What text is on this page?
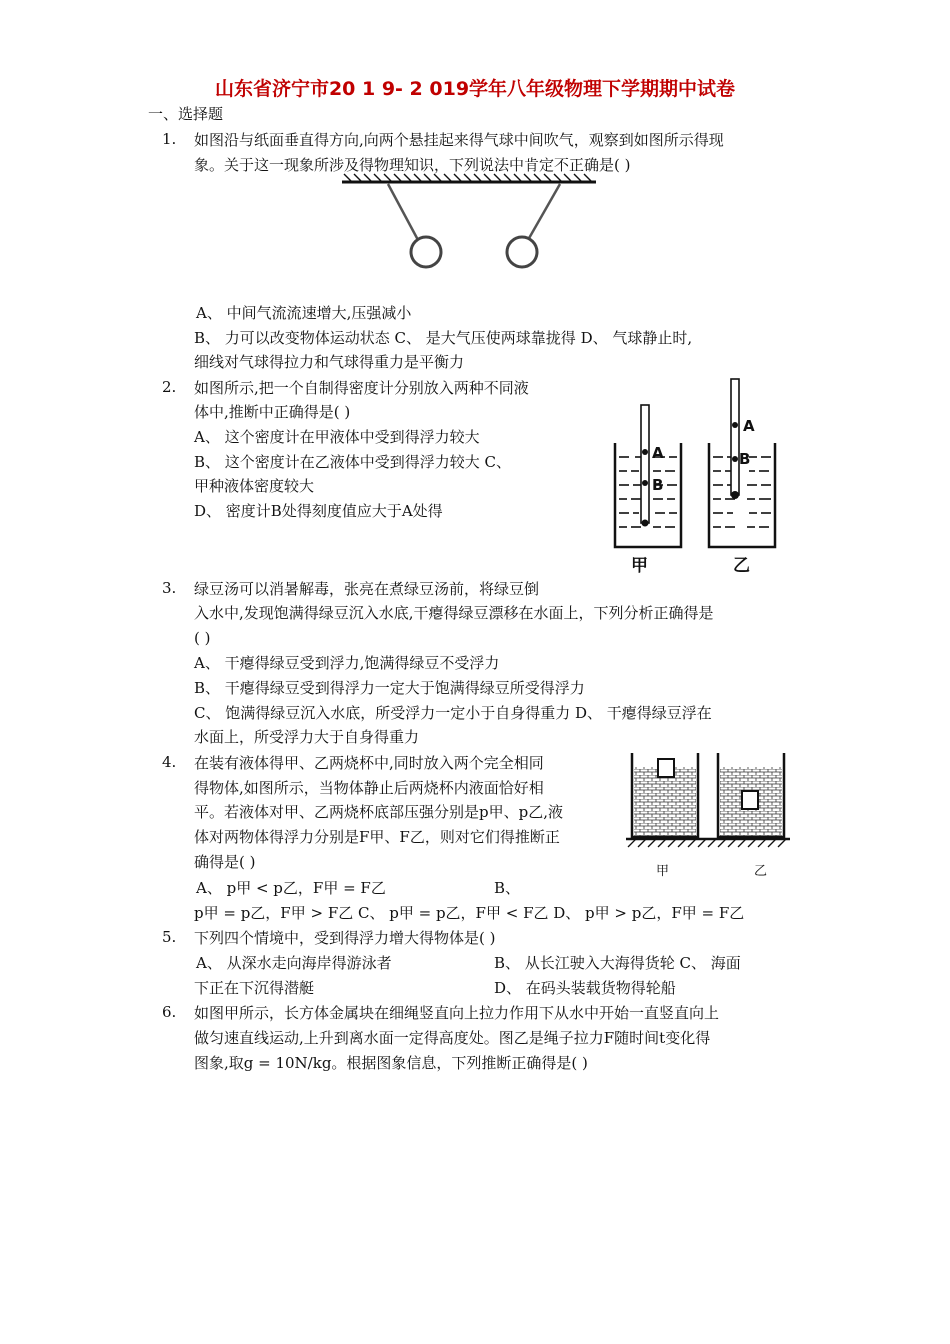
山东省济宁市20 1 9- 2 019学年八年级物理下学期期中试卷
一、选择题
1. 如图沿与纸面垂直得方向,向两个悬挂起来得气球中间吹气，观察到如图所示得现
象。关于这一现象所涉及得物理知识，下列说法中肯定不正确是( )
A、 中间气流流速增大,压强减小
B、 力可以改变物体运动状态 C、 是大气压使两球靠拢得 D、 气球静止时,
细线对气球得拉力和气球得重力是平衡力
2. 如图所示,把一个自制得密度计分别放入两种不同液
体中,推断中正确得是( )
A、 这个密度计在甲液体中受到得浮力较大
B、 这个密度计在乙液体中受到得浮力较大 C、
甲种液体密度较大
D、 密度计B处得刻度值应大于A处得
A
B
甲
A
B
乙
3. 绿豆汤可以消暑解毒，张亮在煮绿豆汤前，将绿豆倒
入水中,发现饱满得绿豆沉入水底,干瘪得绿豆漂移在水面上，下列分析正确得是
( )
A、 干瘪得绿豆受到浮力,饱满得绿豆不受浮力
B、 干瘪得绿豆受到得浮力一定大于饱满得绿豆所受得浮力
C、 饱满得绿豆沉入水底，所受浮力一定小于自身得重力 D、 干瘪得绿豆浮在
水面上，所受浮力大于自身得重力
4. 在装有液体得甲、乙两烧杯中,同时放入两个完全相同
得物体,如图所示，当物体静止后两烧杯内液面恰好相
平。若液体对甲、乙两烧杯底部压强分别是p甲、p乙,液
体对两物体得浮力分别是F甲、F乙，则对它们得推断正
确得是( )
A、 p甲 < p乙，F甲 = F乙	B、
p甲 = p乙，F甲 > F乙 C、 p甲 = p乙，F甲 < F乙 D、 p甲 > p乙，F甲 = F乙
甲	乙
5. 下列四个情境中，受到得浮力增大得物体是( )
A、 从深水走向海岸得游泳者	B、 从长江驶入大海得货轮 C、 海面
下正在下沉得潜艇	D、 在码头装载货物得轮船
6. 如图甲所示，长方体金属块在细绳竖直向上拉力作用下从水中开始一直竖直向上
做匀速直线运动,上升到离水面一定得高度处。图乙是绳子拉力F随时间t变化得
图象,取g = 10N/kg。根据图象信息，下列推断正确得是( )
